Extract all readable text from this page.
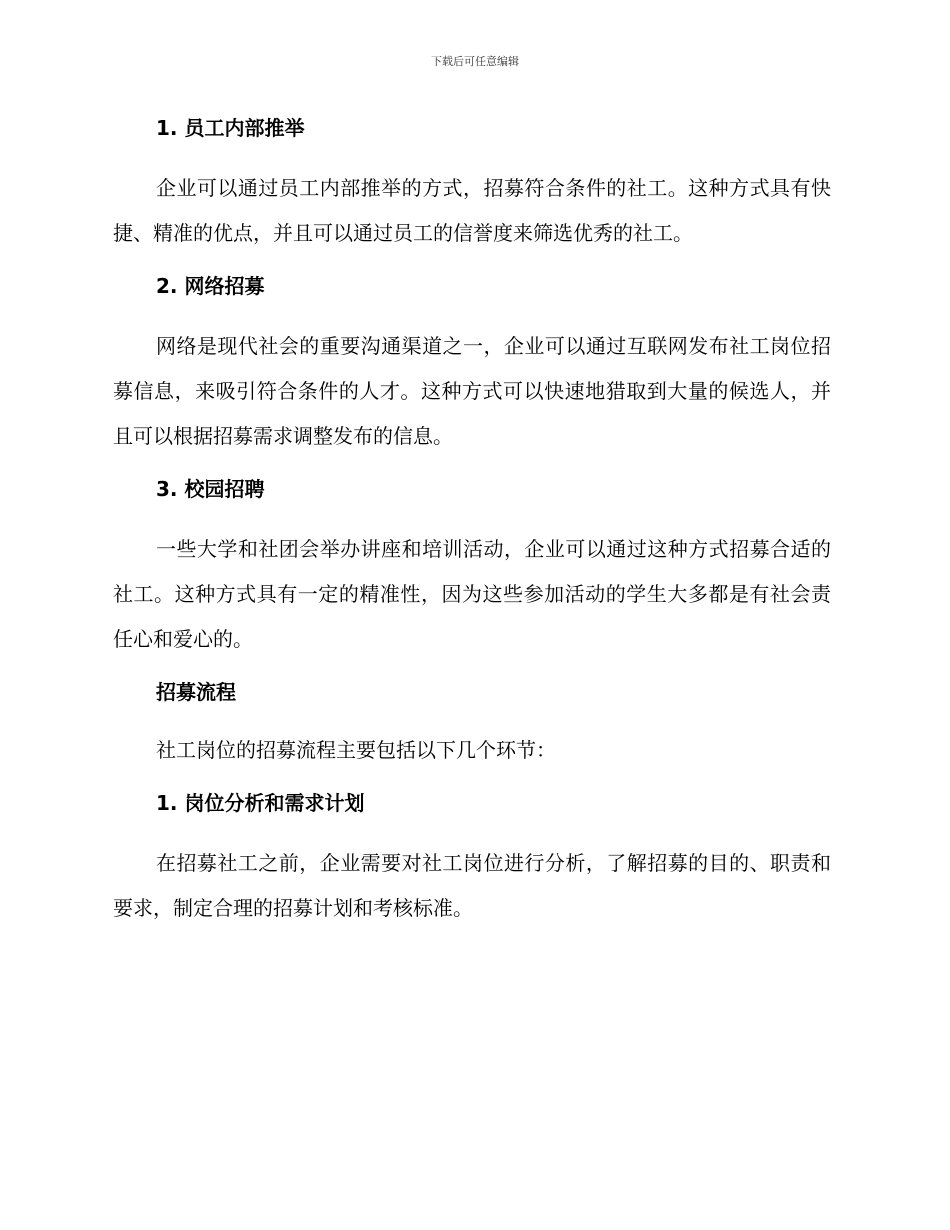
下载后可任意编辑
1. 员工内部推举

企业可以通过员工内部推举的方式，招募符合条件的社工。这种方式具有快捷、精准的优点，并且可以通过员工的信誉度来筛选优秀的社工。

2. 网络招募

网络是现代社会的重要沟通渠道之一，企业可以通过互联网发布社工岗位招募信息，来吸引符合条件的人才。这种方式可以快速地猎取到大量的候选人，并且可以根据招募需求调整发布的信息。

3. 校园招聘

一些大学和社团会举办讲座和培训活动，企业可以通过这种方式招募合适的社工。这种方式具有一定的精准性，因为这些参加活动的学生大多都是有社会责任心和爱心的。

招募流程

社工岗位的招募流程主要包括以下几个环节：

1. 岗位分析和需求计划

在招募社工之前，企业需要对社工岗位进行分析，了解招募的目的、职责和要求，制定合理的招募计划和考核标准。
